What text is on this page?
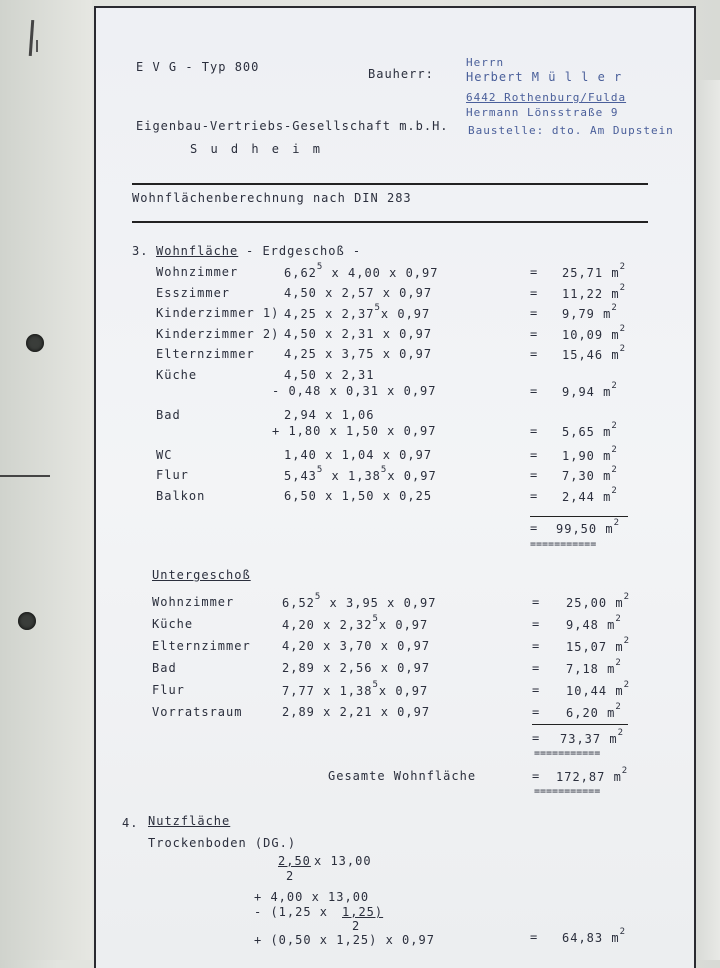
E V G - Typ 800	Bauherr:
Eigenbau-Vertriebs-Gesellschaft m.b.H.
S u d h e i m
Herrn
Herbert M ü l l e r
6442 Rothenburg/Fulda
Hermann Lönsstraße 9
Baustelle: dto. Am Dupstein
Wohnflächenberechnung nach DIN 283
3. Wohnfläche - Erdgeschoß -
Wohnzimmer	6,62$^5$ x 4,00 x 0,97	= 25,71 $m^2$
Esszimmer	4,50 x 2,57 x 0,97	= 11,22 $m^2$
Kinderzimmer 1) 4,25 x 2,37$^5$x 0,97	= 9,79 $m^2$
Kinderzimmer 2) 4,50 x 2,31 x 0,97	= 10,09 $m^2$
Elternzimmer 4,25 x 3,75 x 0,97	= 15,46 $m^2$
Küche	4,50 x 2,31
- 0,48 x 0,31 x 0,97	= 9,94 $m^2$
Bad	2,94 x 1,06
+ 1,80 x 1,50 x 0,97	= 5,65 $m^2$
WC	1,40 x 1,04 x 0,97	= 1,90 $m^2$
Flur	5,43$^5$ x 1,38$^5$x 0,97	= 7,30 $m^2$
Balkon	6,50 x 1,50 x 0,25	= 2,44 $m^2$
= 99,50 $m^2$
===========
Untergeschoß
Wohnzimmer	6,52$^5$ x 3,95 x 0,97	= 25,00 $m^2$
Küche	4,20 x 2,32$^5$x 0,97	= 9,48 $m^2$
Elternzimmer	4,20 x 3,70 x 0,97	= 15,07 $m^2$
Bad	2,89 x 2,56 x 0,97	= 7,18 $m^2$
Flur	7,77 x 1,38$^5$x 0,97	= 10,44 $m^2$
Vorratsraum	2,89 x 2,21 x 0,97	= 6,20 $m^2$
= 73,37 $m^2$
===========
Gesamte Wohnfläche	= 172,87 $m^2$
===========
4. Nutzfläche
Trockenboden (DG.)
2,50
2
x 13,00
+ 4,00 x 13,00
- (1,25 x 1,25)
2
+ (0,50 x 1,25) x 0,97	= 64,83 $m^2$
